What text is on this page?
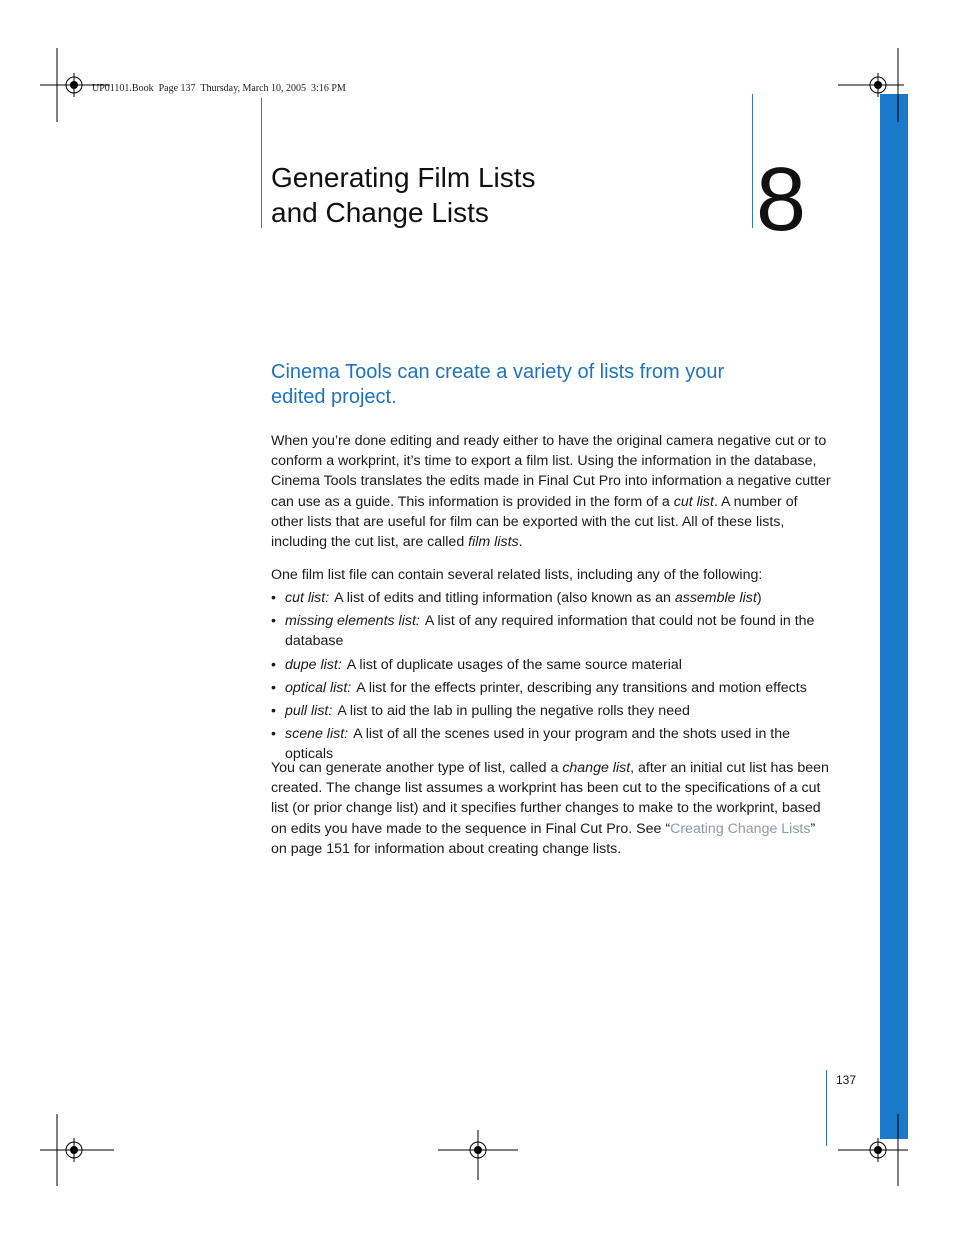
UP01101.Book  Page 137  Thursday, March 10, 2005  3:16 PM
Generating Film Lists
and Change Lists	8
Cinema Tools can create a variety of lists from your edited project.

When you’re done editing and ready either to have the original camera negative cut or to conform a workprint, it’s time to export a film list. Using the information in the database, Cinema Tools translates the edits made in Final Cut Pro into information a negative cutter can use as a guide. This information is provided in the form of a cut list. A number of other lists that are useful for film can be exported with the cut list. All of these lists, including the cut list, are called film lists.

One film list file can contain several related lists, including any of the following:

• cut list: A list of edits and titling information (also known as an assemble list)
• missing elements list: A list of any required information that could not be found in the database
• dupe list: A list of duplicate usages of the same source material
• optical list: A list for the effects printer, describing any transitions and motion effects
• pull list: A list to aid the lab in pulling the negative rolls they need
• scene list: A list of all the scenes used in your program and the shots used in the opticals

You can generate another type of list, called a change list, after an initial cut list has been created. The change list assumes a workprint has been cut to the specifications of a cut list (or prior change list) and it specifies further changes to make to the workprint, based on edits you have made to the sequence in Final Cut Pro. See “Creating Change Lists” on page 151 for information about creating change lists.

137
